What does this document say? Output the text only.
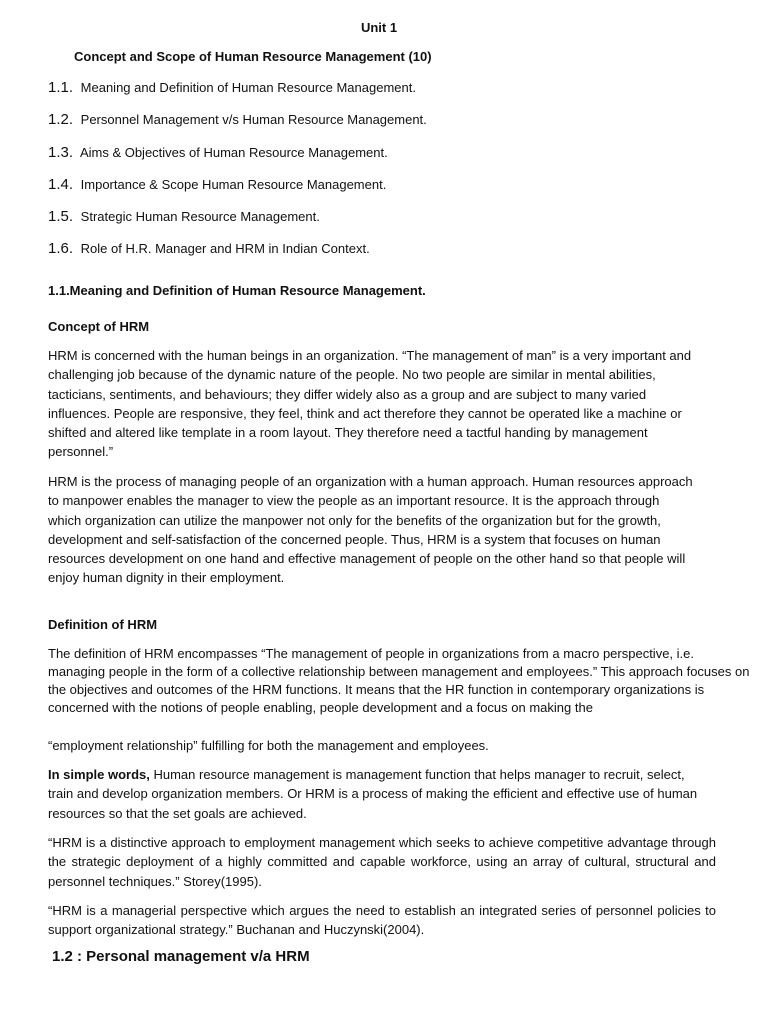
Unit 1
Concept and Scope of Human Resource Management (10)
1.1. Meaning and Definition of Human Resource Management.
1.2. Personnel Management v/s Human Resource Management.
1.3. Aims & Objectives of Human Resource Management.
1.4. Importance & Scope Human Resource Management.
1.5. Strategic Human Resource Management.
1.6. Role of H.R. Manager and HRM in Indian Context.
1.1.Meaning and Definition of Human Resource Management.
Concept of HRM

HRM is concerned with the human beings in an organization. “The management of man” is a very important and challenging job because of the dynamic nature of the people. No two people are similar in mental abilities, tacticians, sentiments, and behaviours; they differ widely also as a group and are subject to many varied influences. People are responsive, they feel, think and act therefore they cannot be operated like a machine or shifted and altered like template in a room layout. They therefore need a tactful handing by management personnel.”

HRM is the process of managing people of an organization with a human approach. Human resources approach to manpower enables the manager to view the people as an important resource. It is the approach through which organization can utilize the manpower not only for the benefits of the organization but for the growth, development and self-satisfaction of the concerned people. Thus, HRM is a system that focuses on human resources development on one hand and effective management of people on the other hand so that people will enjoy human dignity in their employment.

Definition of HRM

The definition of HRM encompasses “The management of people in organizations from a macro perspective, i.e. managing people in the form of a collective relationship between management and employees.” This approach focuses on the objectives and outcomes of the HRM functions. It means that the HR function in contemporary organizations is concerned with the notions of people enabling, people development and a focus on making the

“employment relationship” fulfilling for both the management and employees.

In simple words, Human resource management is management function that helps manager to recruit, select, train and develop organization members. Or HRM is a process of making the efficient and effective use of human resources so that the set goals are achieved.

“HRM is a distinctive approach to employment management which seeks to achieve competitive advantage through the strategic deployment of a highly committed and capable workforce, using an array of cultural, structural and personnel techniques.” Storey(1995).

“HRM is a managerial perspective which argues the need to establish an integrated series of personnel policies to support organizational strategy.” Buchanan and Huczynski(2004).

1.2 : Personal management v/a HRM
